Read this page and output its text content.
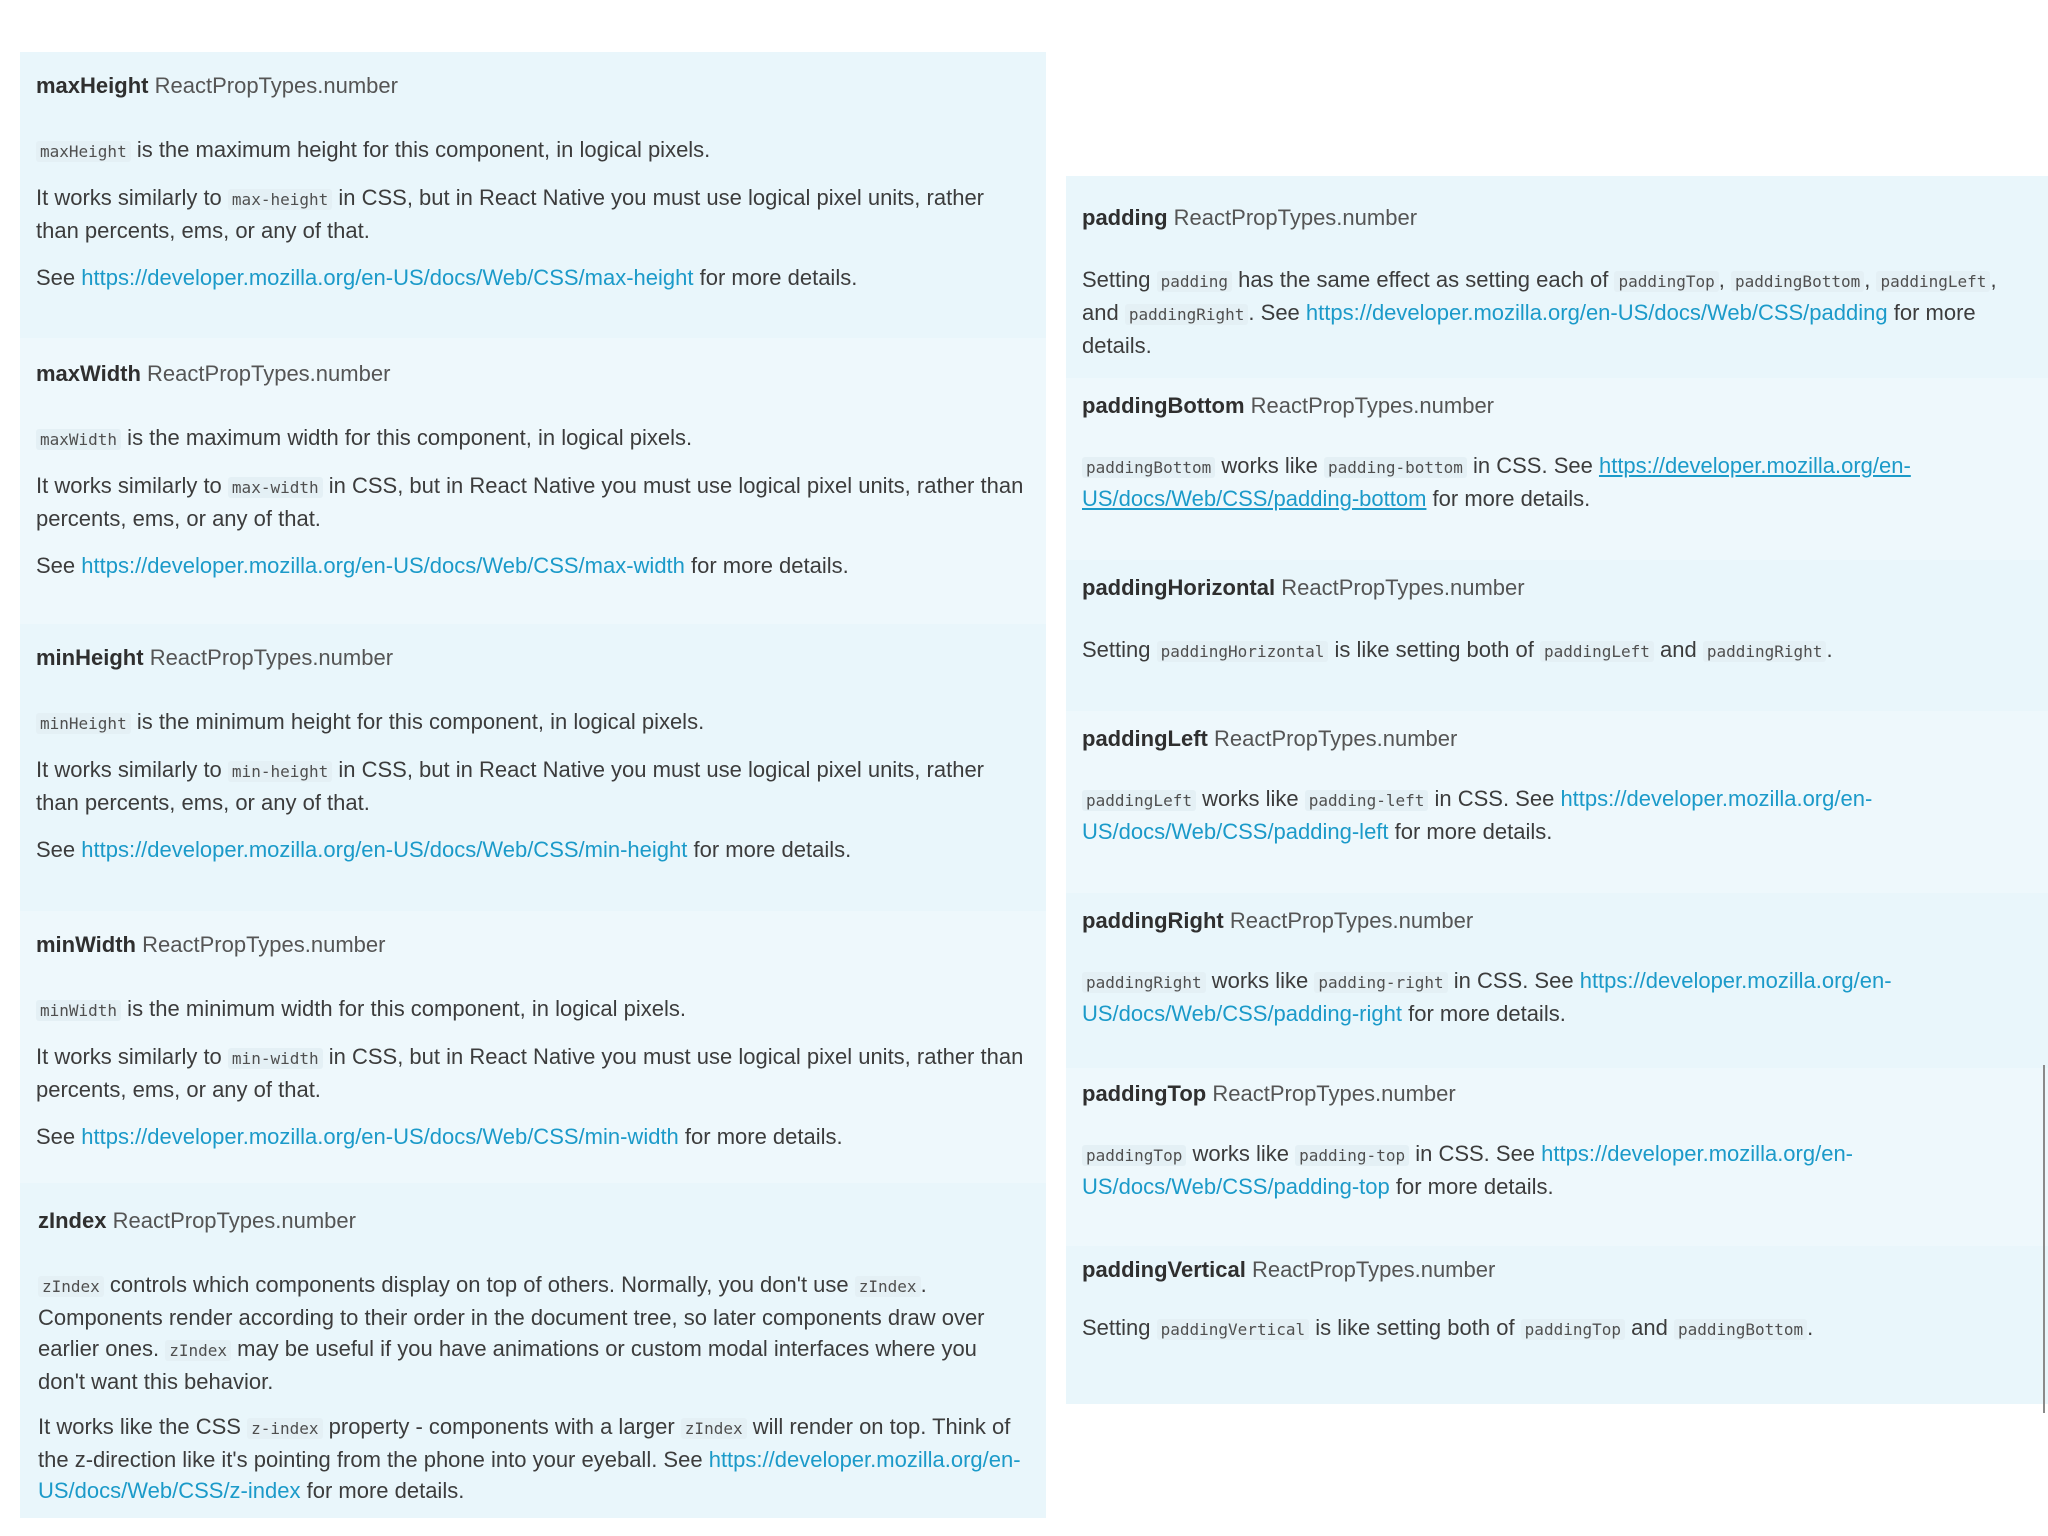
maxHeight ReactPropTypes.number

maxHeight is the maximum height for this component, in logical pixels.

It works similarly to max-height in CSS, but in React Native you must use logical pixel units, rather than percents, ems, or any of that.

See https://developer.mozilla.org/en-US/docs/Web/CSS/max-height for more details.

maxWidth ReactPropTypes.number

maxWidth is the maximum width for this component, in logical pixels.

It works similarly to max-width in CSS, but in React Native you must use logical pixel units, rather than percents, ems, or any of that.

See https://developer.mozilla.org/en-US/docs/Web/CSS/max-width for more details.

minHeight ReactPropTypes.number

minHeight is the minimum height for this component, in logical pixels.

It works similarly to min-height in CSS, but in React Native you must use logical pixel units, rather than percents, ems, or any of that.

See https://developer.mozilla.org/en-US/docs/Web/CSS/min-height for more details.

minWidth ReactPropTypes.number

minWidth is the minimum width for this component, in logical pixels.

It works similarly to min-width in CSS, but in React Native you must use logical pixel units, rather than percents, ems, or any of that.

See https://developer.mozilla.org/en-US/docs/Web/CSS/min-width for more details.

zIndex ReactPropTypes.number

zIndex controls which components display on top of others. Normally, you don't use zIndex . Components render according to their order in the document tree, so later components draw over earlier ones. zIndex may be useful if you have animations or custom modal interfaces where you don't want this behavior.

It works like the CSS z-index property - components with a larger zIndex will render on top. Think of the z-direction like it's pointing from the phone into your eyeball. See https://developer.mozilla.org/en-US/docs/Web/CSS/z-index for more details.

padding ReactPropTypes.number

Setting padding has the same effect as setting each of paddingTop , paddingBottom , paddingLeft , and paddingRight . See https://developer.mozilla.org/en-US/docs/Web/CSS/padding for more details.

paddingBottom ReactPropTypes.number

paddingBottom works like padding-bottom in CSS. See https://developer.mozilla.org/en-US/docs/Web/CSS/padding-bottom for more details.

paddingHorizontal ReactPropTypes.number

Setting paddingHorizontal is like setting both of paddingLeft and paddingRight .

paddingLeft ReactPropTypes.number

paddingLeft works like padding-left in CSS. See https://developer.mozilla.org/en-US/docs/Web/CSS/padding-left for more details.

paddingRight ReactPropTypes.number

paddingRight works like padding-right in CSS. See https://developer.mozilla.org/en-US/docs/Web/CSS/padding-right for more details.

paddingTop ReactPropTypes.number

paddingTop works like padding-top in CSS. See https://developer.mozilla.org/en-US/docs/Web/CSS/padding-top for more details.

paddingVertical ReactPropTypes.number

Setting paddingVertical is like setting both of paddingTop and paddingBottom .
